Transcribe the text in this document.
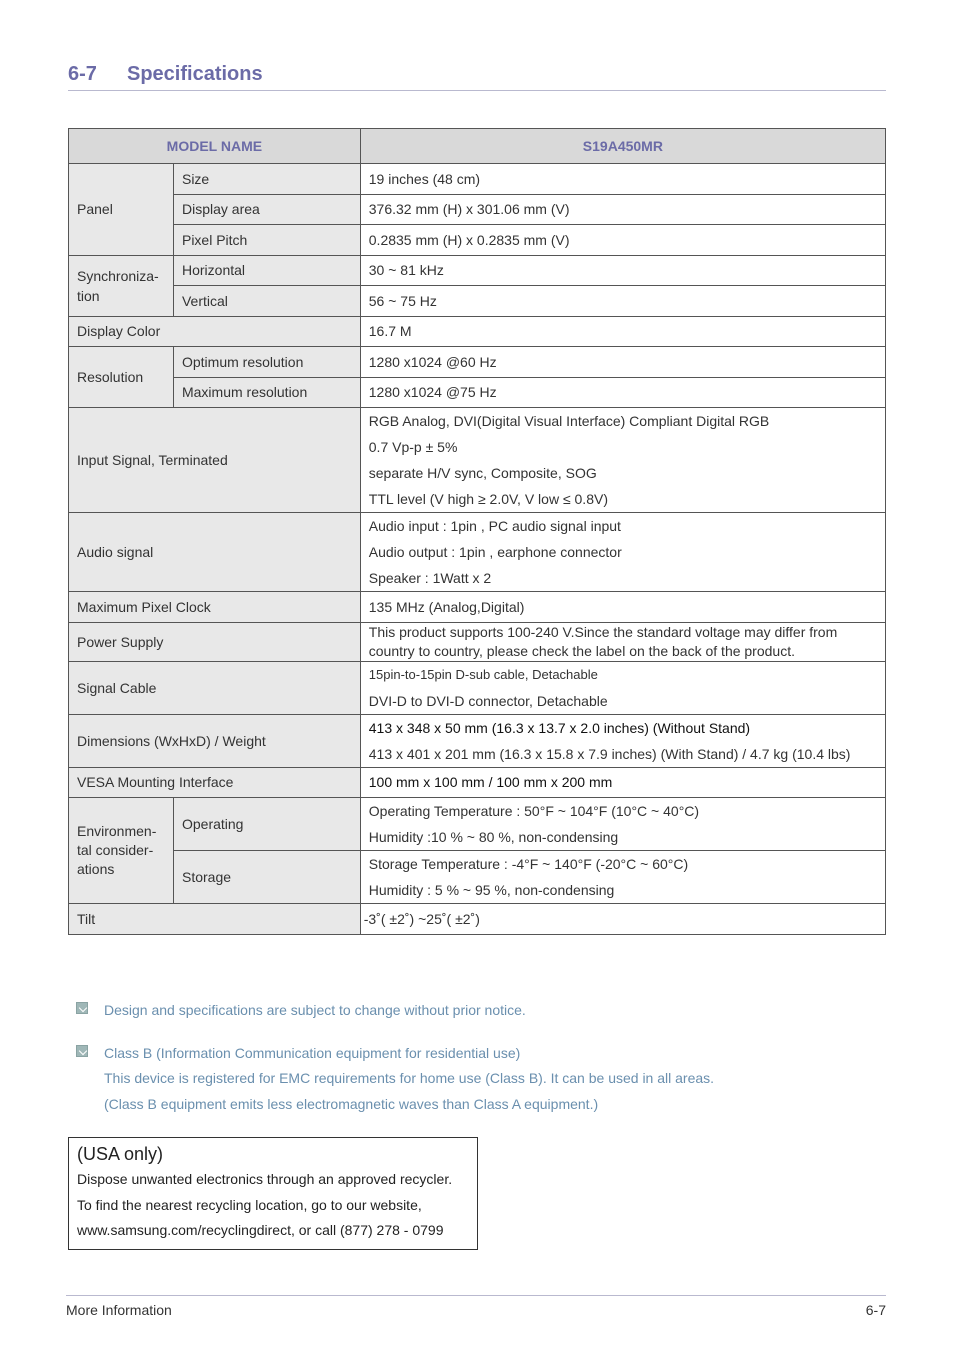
6-7 Specifications
MODEL NAME		S19A450MR
Panel	Size	19 inches (48 cm)
	Display area	376.32 mm (H) x 301.06 mm (V)
	Pixel Pitch	0.2835 mm (H) x 0.2835 mm (V)
Synchroniza-tion	Horizontal	30 ~ 81 kHz
	Vertical	56 ~ 75 Hz
Display Color		16.7 M
Resolution	Optimum resolution	1280 x1024 @60 Hz
	Maximum resolution	1280 x1024 @75 Hz
Input Signal, Terminated		RGB Analog, DVI(Digital Visual Interface) Compliant Digital RGB
0.7 Vp-p ± 5%
separate H/V sync, Composite, SOG
TTL level (V high ≥ 2.0V, V low ≤ 0.8V)

Audio signal		Audio input : 1pin , PC audio signal input
Audio output : 1pin , earphone connector
Speaker : 1Watt x 2

Maximum Pixel Clock		135 MHz (Analog,Digital)
Power Supply		This product supports 100-240 V.Since the standard voltage may differ from country to country, please check the label on the back of the product.
Signal Cable		15pin-to-15pin D-sub cable, Detachable
DVI-D to DVI-D connector, Detachable

Dimensions (WxHxD) / Weight		413 x 348 x 50 mm (16.3 x 13.7 x 2.0 inches) (Without Stand)
413 x 401 x 201 mm (16.3 x 15.8 x 7.9 inches) (With Stand) / 4.7 kg (10.4 lbs)

VESA Mounting Interface		100 mm x 100 mm / 100 mm x 200 mm
Environmen-tal consider-ations	Operating	Operating Temperature : 50°F ~ 104°F (10°C ~ 40°C)
Humidity :10 % ~ 80 %, non-condensing

	Storage	Storage Temperature : -4°F ~ 140°F (-20°C ~ 60°C)
Humidity : 5 % ~ 95 %, non-condensing

Tilt		-3˚( ±2˚) ~25˚( ±2˚)
Design and specifications are subject to change without prior notice.
Class B (Information Communication equipment for residential use)
This device is registered for EMC requirements for home use (Class B). It can be used in all areas.
(Class B equipment emits less electromagnetic waves than Class A equipment.)
(USA only)
Dispose unwanted electronics through an approved recycler.
To find the nearest recycling location, go to our website,
www.samsung.com/recyclingdirect, or call (877) 278 - 0799
More Information	6-7
